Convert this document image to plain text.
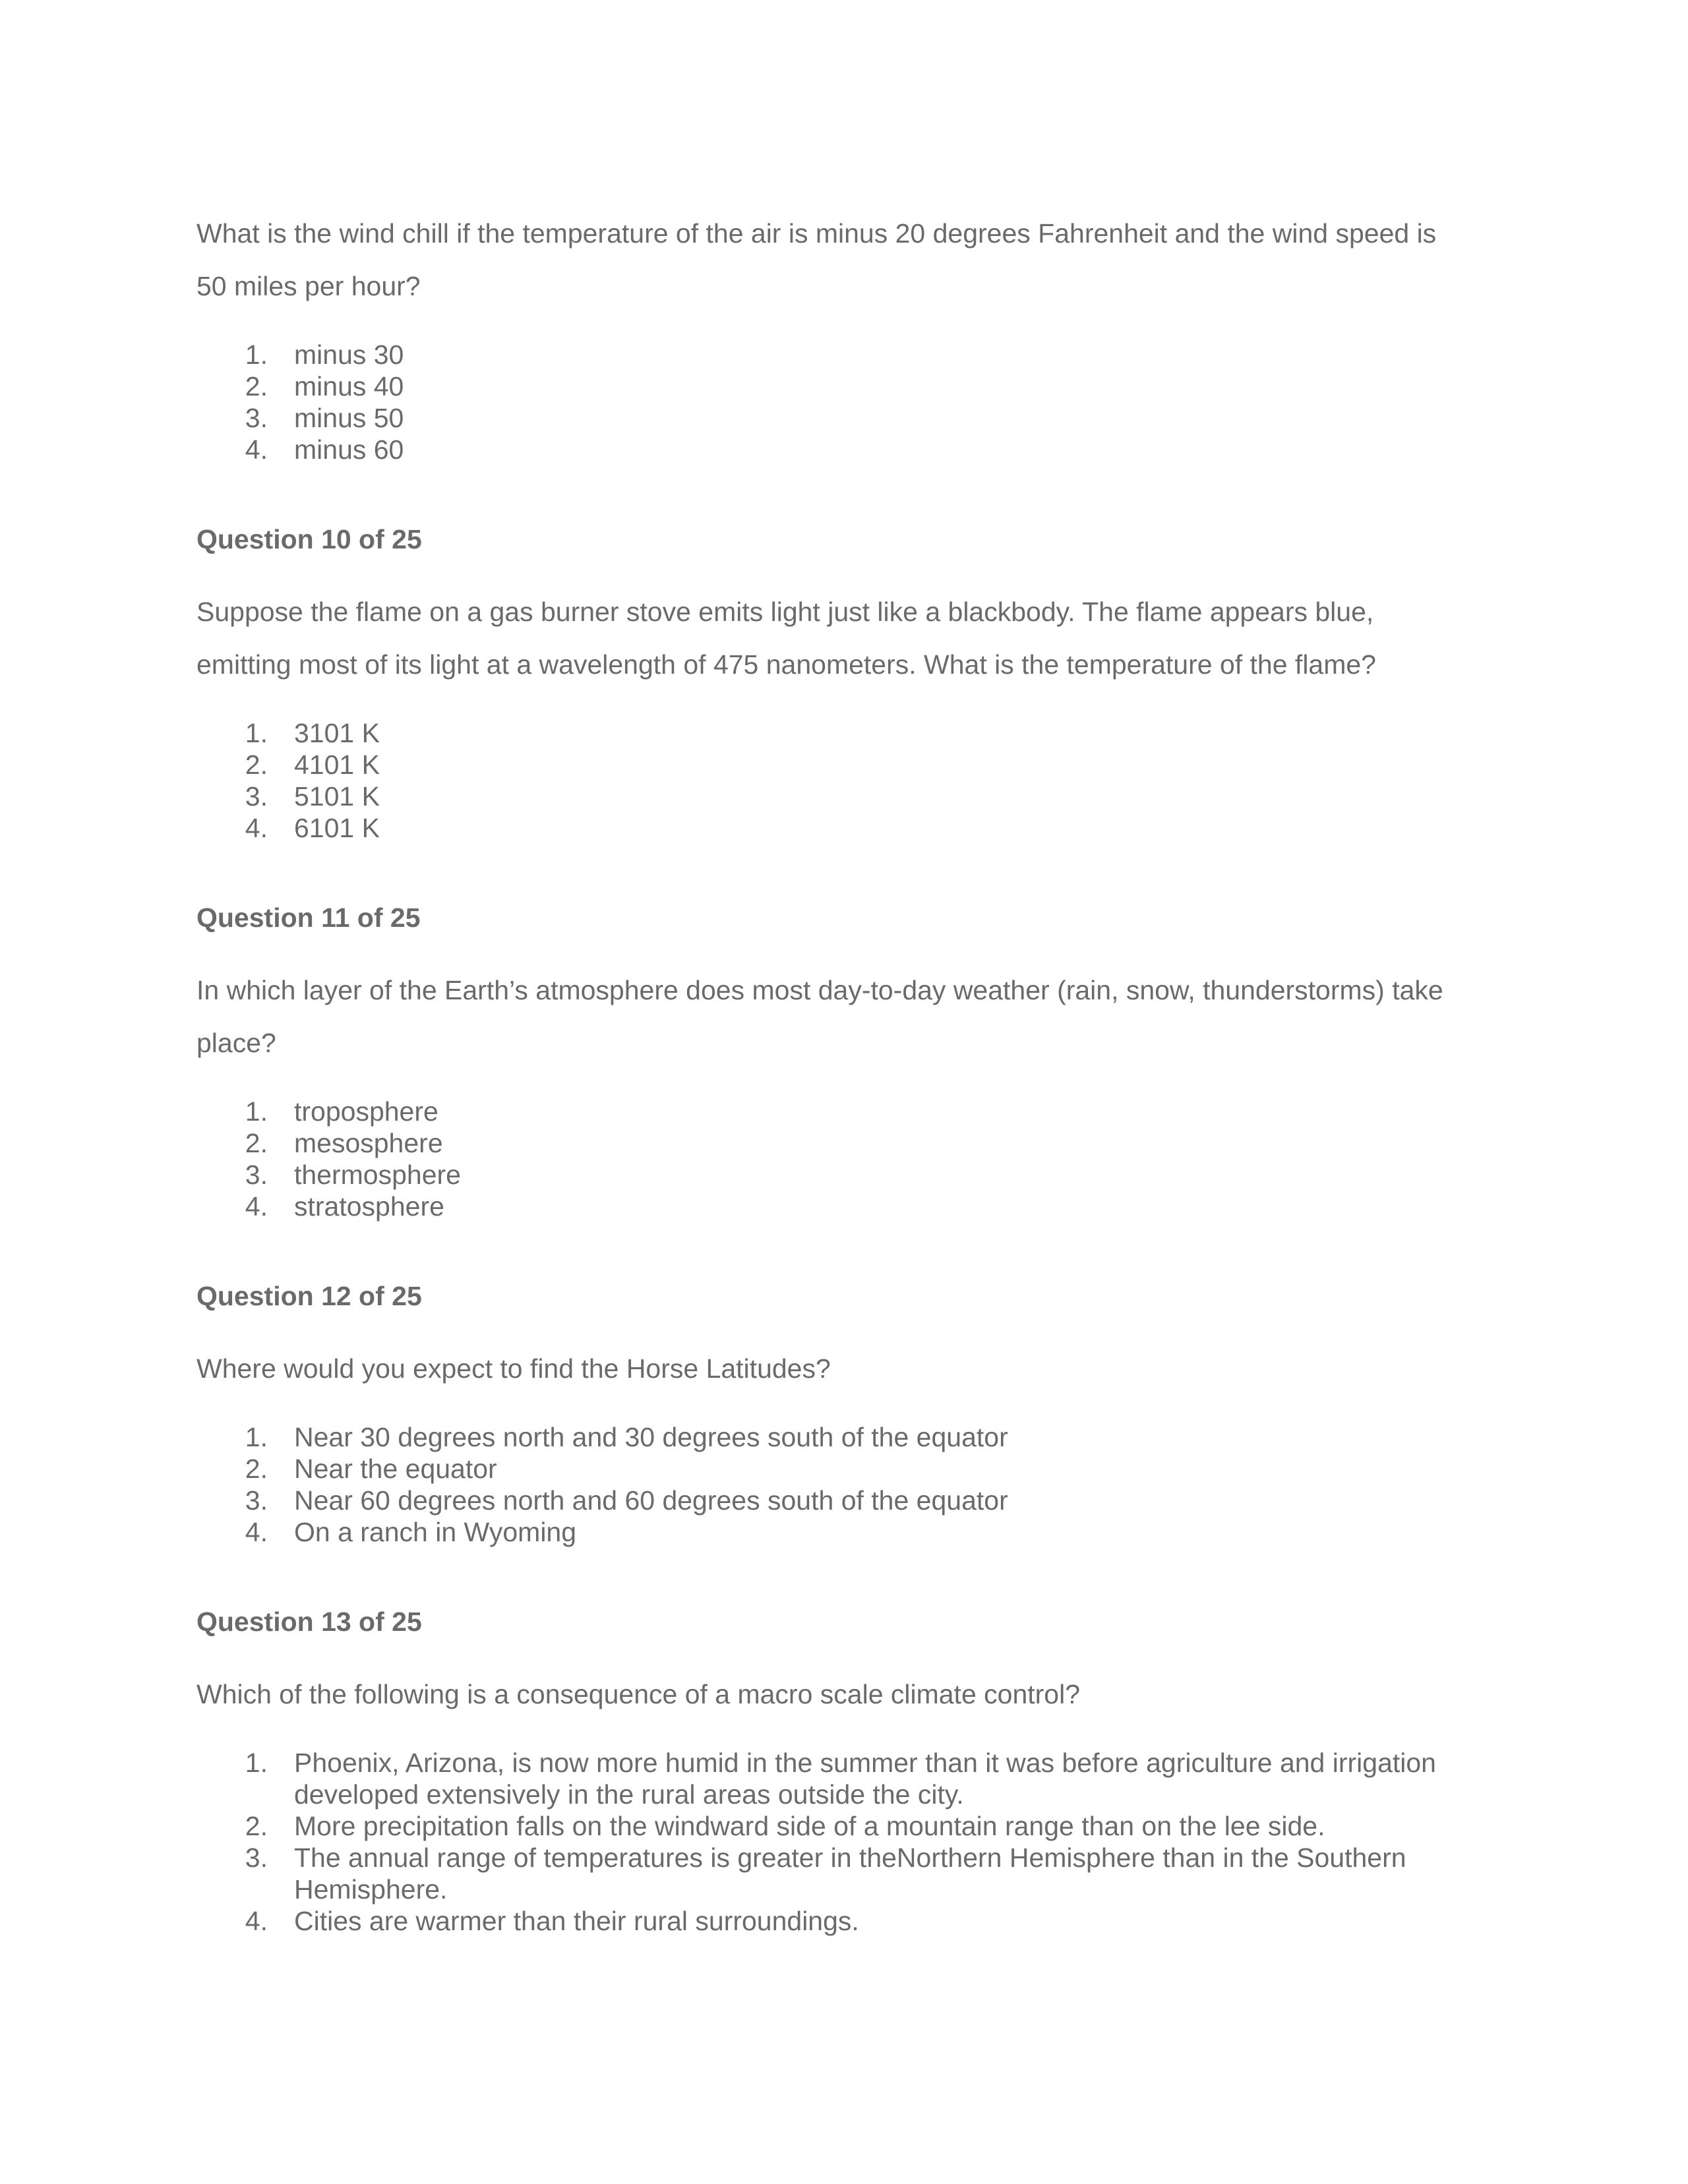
What is the wind chill if the temperature of the air is minus 20 degrees Fahrenheit and the wind speed is 50 miles per hour?

1. minus 30
2. minus 40
3. minus 50
4. minus 60
Question 10 of 25

Suppose the flame on a gas burner stove emits light just like a blackbody. The flame appears blue, emitting most of its light at a wavelength of 475 nanometers. What is the temperature of the flame?

1. 3101 K
2. 4101 K
3. 5101 K
4. 6101 K
Question 11 of 25

In which layer of the Earth’s atmosphere does most day-to-day weather (rain, snow, thunderstorms) take place?

1. troposphere
2. mesosphere
3. thermosphere
4. stratosphere
Question 12 of 25

Where would you expect to find the Horse Latitudes?

1. Near 30 degrees north and 30 degrees south of the equator
2. Near the equator
3. Near 60 degrees north and 60 degrees south of the equator
4. On a ranch in Wyoming
Question 13 of 25

Which of the following is a consequence of a macro scale climate control?

1. Phoenix, Arizona, is now more humid in the summer than it was before agriculture and irrigation developed extensively in the rural areas outside the city.
2. More precipitation falls on the windward side of a mountain range than on the lee side.
3. The annual range of temperatures is greater in theNorthern Hemisphere than in the Southern Hemisphere.
4. Cities are warmer than their rural surroundings.
